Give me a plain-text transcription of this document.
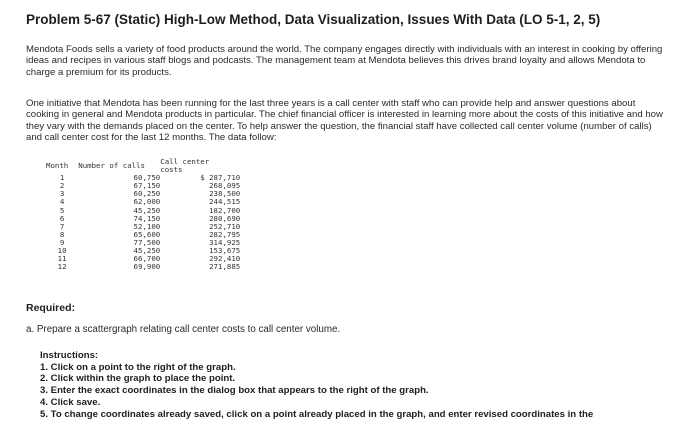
Problem 5-67 (Static) High-Low Method, Data Visualization, Issues With Data (LO 5-1, 2, 5)
Mendota Foods sells a variety of food products around the world. The company engages directly with individuals with an interest in cooking by offering ideas and recipes in various staff blogs and podcasts. The management team at Mendota believes this drives brand loyalty and allows Mendota to charge a premium for its products.
One initiative that Mendota has been running for the last three years is a call center with staff who can provide help and answer questions about cooking in general and Mendota products in particular. The chief financial officer is interested in learning more about the costs of this initiative and how they vary with the demands placed on the center. To help answer the question, the financial staff have collected call center volume (number of calls) and call center cost for the last 12 months. The data follow:
Month	Number of calls	Call center costs
1	60,750	$ 287,710
2	67,150	268,095
3	60,250	238,500
4	62,000	244,515
5	45,250	182,700
6	74,150	280,690
7	52,100	252,710
8	65,600	282,795
9	77,500	314,925
10	45,250	153,675
11	66,700	292,410
12	69,900	271,885
Required:
a. Prepare a scattergraph relating call center costs to call center volume.
Instructions:
1. Click on a point to the right of the graph.
2. Click within the graph to place the point.
3. Enter the exact coordinates in the dialog box that appears to the right of the graph.
4. Click save.
5. To change coordinates already saved, click on a point already placed in the graph, and enter revised coordinates in the
